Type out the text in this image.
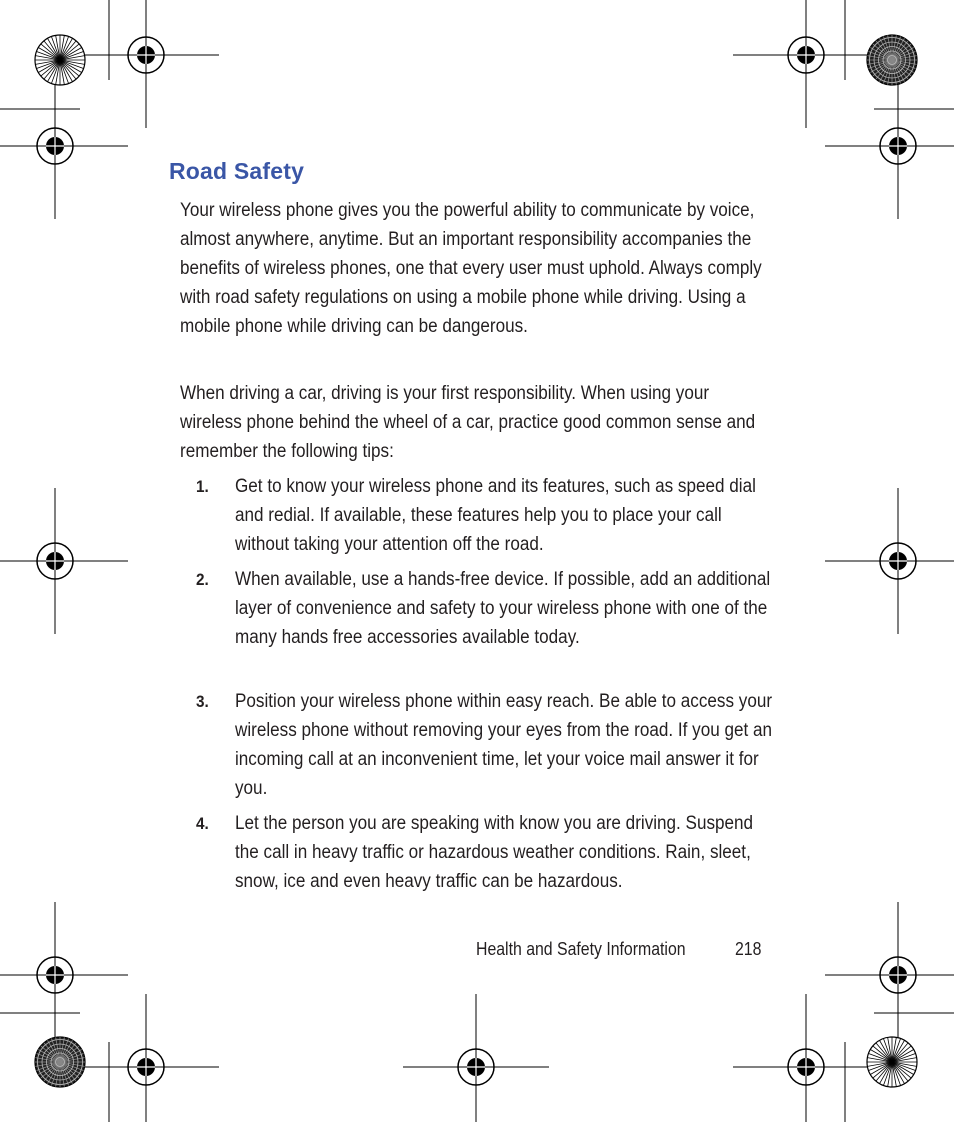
Road Safety

Your wireless phone gives you the powerful ability to communicate by voice, almost anywhere, anytime. But an important responsibility accompanies the benefits of wireless phones, one that every user must uphold. Always comply with road safety regulations on using a mobile phone while driving. Using a mobile phone while driving can be dangerous.

When driving a car, driving is your first responsibility. When using your wireless phone behind the wheel of a car, practice good common sense and remember the following tips:

1. Get to know your wireless phone and its features, such as speed dial and redial. If available, these features help you to place your call without taking your attention off the road.

2. When available, use a hands-free device. If possible, add an additional layer of convenience and safety to your wireless phone with one of the many hands free accessories available today.

3. Position your wireless phone within easy reach. Be able to access your wireless phone without removing your eyes from the road. If you get an incoming call at an inconvenient time, let your voice mail answer it for you.

4. Let the person you are speaking with know you are driving. Suspend the call in heavy traffic or hazardous weather conditions. Rain, sleet, snow, ice and even heavy traffic can be hazardous.

Health and Safety Information	218
